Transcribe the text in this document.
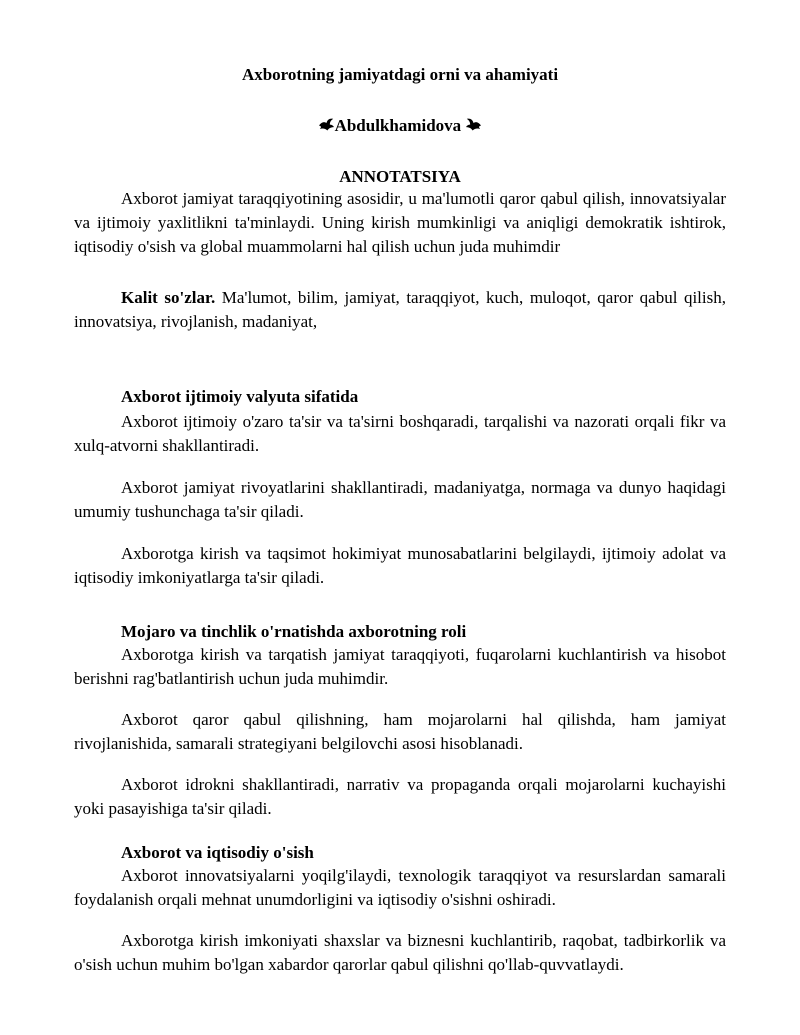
Axborotning jamiyatdagi orni va ahamiyati
Abdulkhamidova
ANNOTATSIYA

Axborot jamiyat taraqqiyotining asosidir, u ma'lumotli qaror qabul qilish, innovatsiyalar va ijtimoiy yaxlitlikni ta'minlaydi. Uning kirish mumkinligi va aniqligi demokratik ishtirok, iqtisodiy o'sish va global muammolarni hal qilish uchun juda muhimdir

Kalit so'zlar. Ma'lumot, bilim, jamiyat, taraqqiyot, kuch, muloqot, qaror qabul qilish, innovatsiya, rivojlanish, madaniyat,

Axborot ijtimoiy valyuta sifatida

Axborot ijtimoiy o'zaro ta'sir va ta'sirni boshqaradi, tarqalishi va nazorati orqali fikr va xulq-atvorni shakllantiradi.

Axborot jamiyat rivoyatlarini shakllantiradi, madaniyatga, normaga va dunyo haqidagi umumiy tushunchaga ta'sir qiladi.

Axborotga kirish va taqsimot hokimiyat munosabatlarini belgilaydi, ijtimoiy adolat va iqtisodiy imkoniyatlarga ta'sir qiladi.

Mojaro va tinchlik o'rnatishda axborotning roli

Axborotga kirish va tarqatish jamiyat taraqqiyoti, fuqarolarni kuchlantirish va hisobot berishni rag'batlantirish uchun juda muhimdir.

Axborot qaror qabul qilishning, ham mojarolarni hal qilishda, ham jamiyat rivojlanishida, samarali strategiyani belgilovchi asosi hisoblanadi.

Axborot idrokni shakllantiradi, narrativ va propaganda orqali mojarolarni kuchayishi yoki pasayishiga ta'sir qiladi.

Axborot va iqtisodiy o'sish

Axborot innovatsiyalarni yoqilg'ilaydi, texnologik taraqqiyot va resurslardan samarali foydalanish orqali mehnat unumdorligini va iqtisodiy o'sishni oshiradi.

Axborotga kirish imkoniyati shaxslar va biznesni kuchlantirib, raqobat, tadbirkorlik va o'sish uchun muhim bo'lgan xabardor qarorlar qabul qilishni qo'llab-quvvatlaydi.
